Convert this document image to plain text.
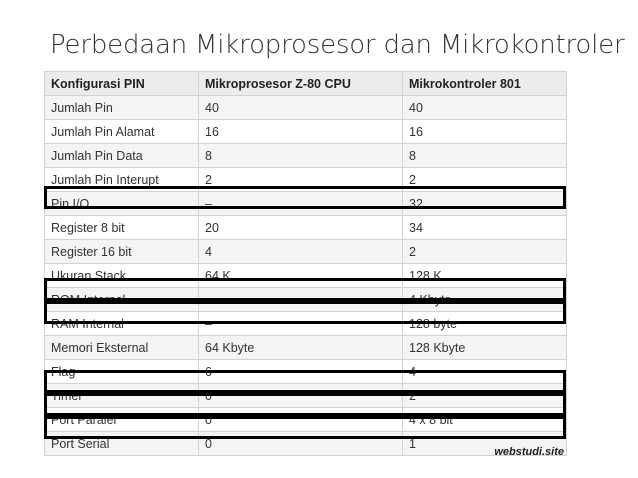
Perbedaan Mikroprosesor dan Mikrokontroler
Konfigurasi PIN	Mikroprosesor Z-80 CPU	Mikrokontroler 801
Jumlah Pin	40	40
Jumlah Pin Alamat	16	16
Jumlah Pin Data	8	8
Jumlah Pin Interupt	2	2
Pin I/O	–	32
Register 8 bit	20	34
Register 16 bit	4	2
Ukuran Stack	64 K	128 K
ROM Internal	–	4 Kbyte
RAM Internal	–	128 byte
Memori Eksternal	64 Kbyte	128 Kbyte
Flag	6	4
Timer	0	2
Port Paralel	0	4 x 8 bit
Port Serial	0	1
webstudi.site
